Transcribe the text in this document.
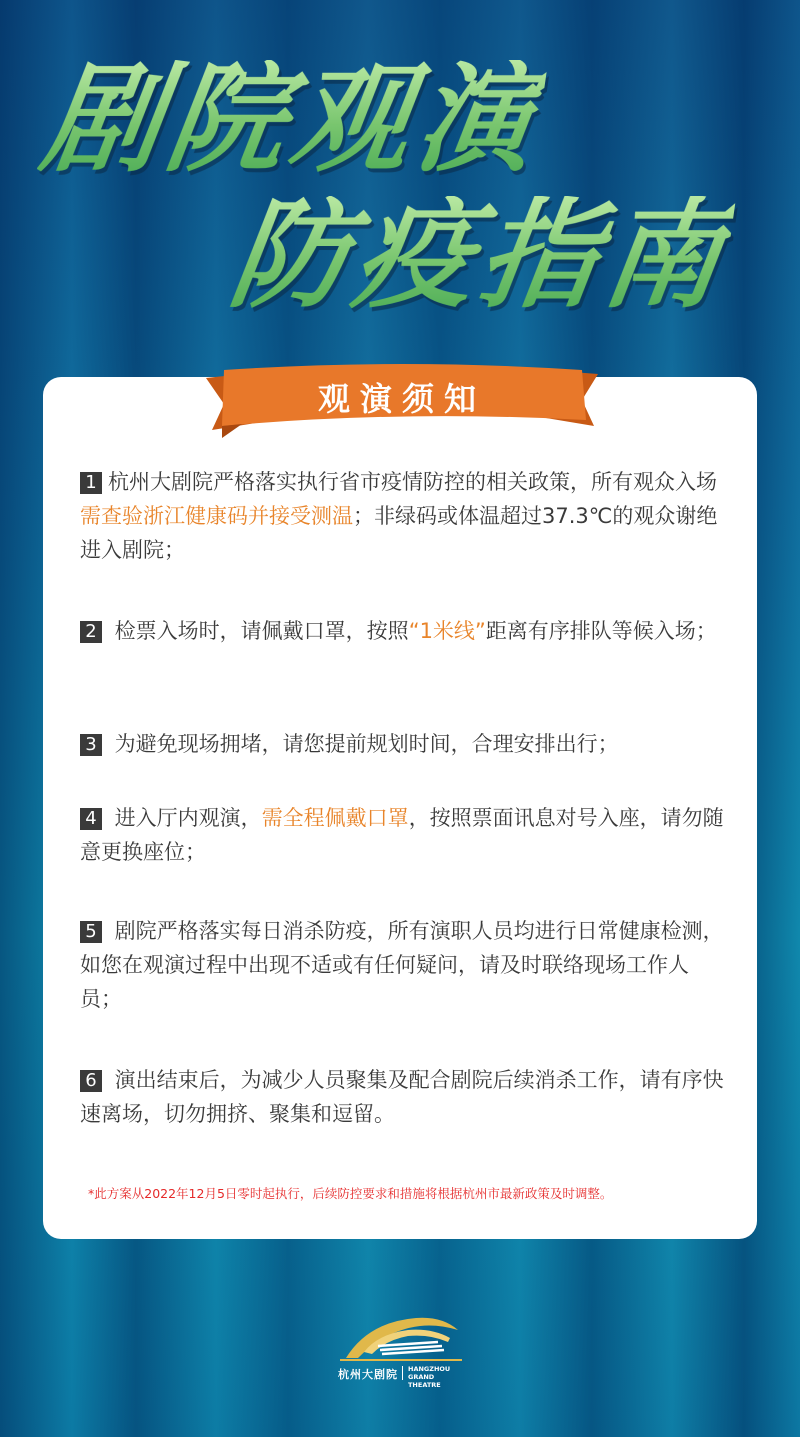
剧院观演
防疫指南
观演须知

1 杭州大剧院严格落实执行省市疫情防控的相关政策，所有观众入场需查验浙江健康码并接受测温；非绿码或体温超过37.3℃的观众谢绝进入剧院；

2 检票入场时，请佩戴口罩，按照“1米线”距离有序排队等候入场；

3 为避免现场拥堵，请您提前规划时间，合理安排出行；

4 进入厅内观演，需全程佩戴口罩，按照票面讯息对号入座，请勿随意更换座位；

5 剧院严格落实每日消杀防疫，所有演职人员均进行日常健康检测，如您在观演过程中出现不适或有任何疑问，请及时联络现场工作人员；

6 演出结束后，为减少人员聚集及配合剧院后续消杀工作，请有序快速离场，切勿拥挤、聚集和逗留。

*此方案从2022年12月5日零时起执行，后续防控要求和措施将根据杭州市最新政策及时调整。

杭州大剧院 HANGZHOU
GRAND THEATRE
